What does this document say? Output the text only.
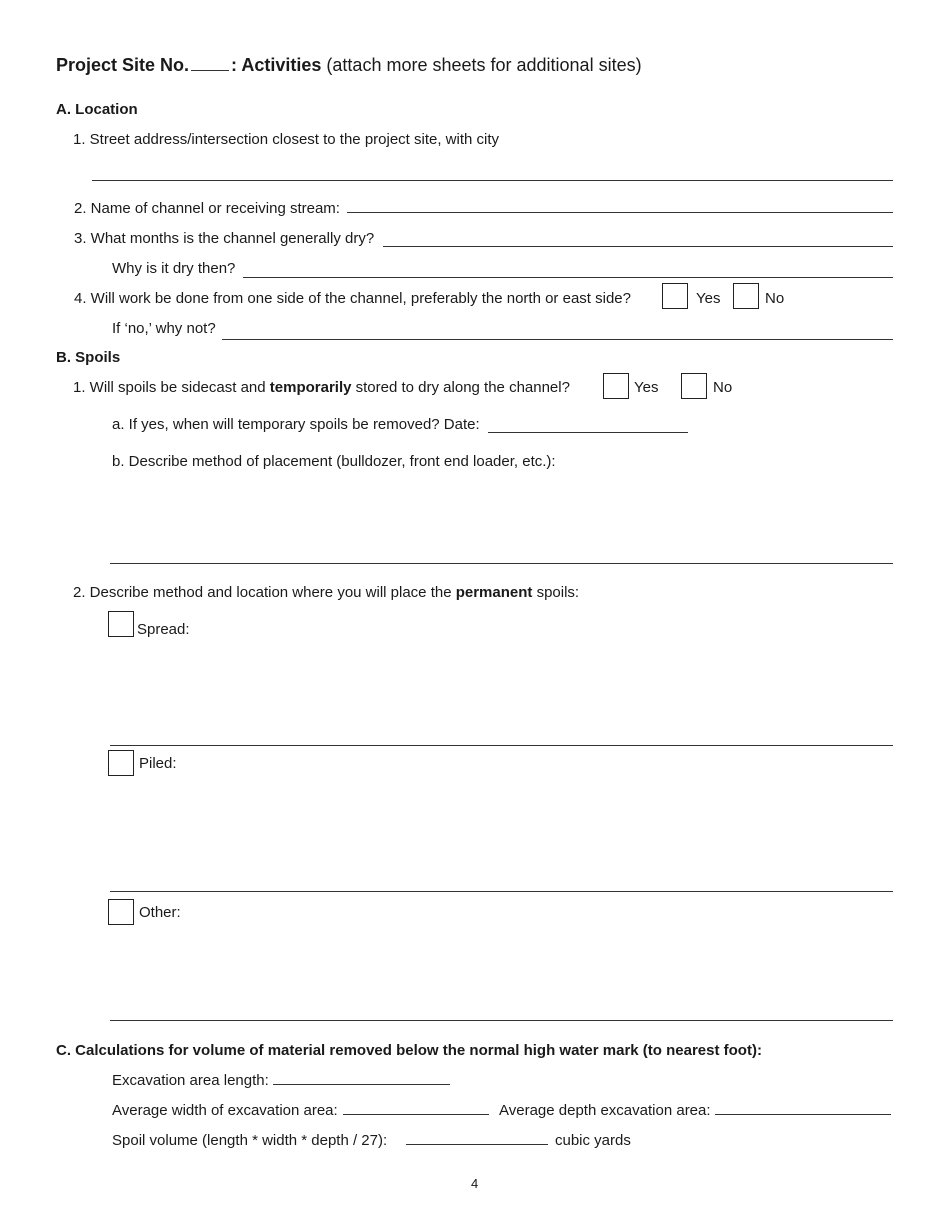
Project Site No. : Activities (attach more sheets for additional sites)
A. Location
1. Street address/intersection closest to the project site, with city
2. Name of channel or receiving stream:
3. What months is the channel generally dry?
Why is it dry then?
4. Will work be done from one side of the channel, preferably the north or east side?	Yes	No
If ‘no,’ why not?
B. Spoils
1. Will spoils be sidecast and temporarily stored to dry along the channel?	Yes	No
a. If yes, when will temporary spoils be removed? Date:
b. Describe method of placement (bulldozer, front end loader, etc.):
2. Describe method and location where you will place the permanent spoils:
Spread:
Piled:
Other:
C. Calculations for volume of material removed below the normal high water mark (to nearest foot):
Excavation area length:
Average width of excavation area:	Average depth excavation area:
Spoil volume (length * width * depth / 27):	cubic yards
4
